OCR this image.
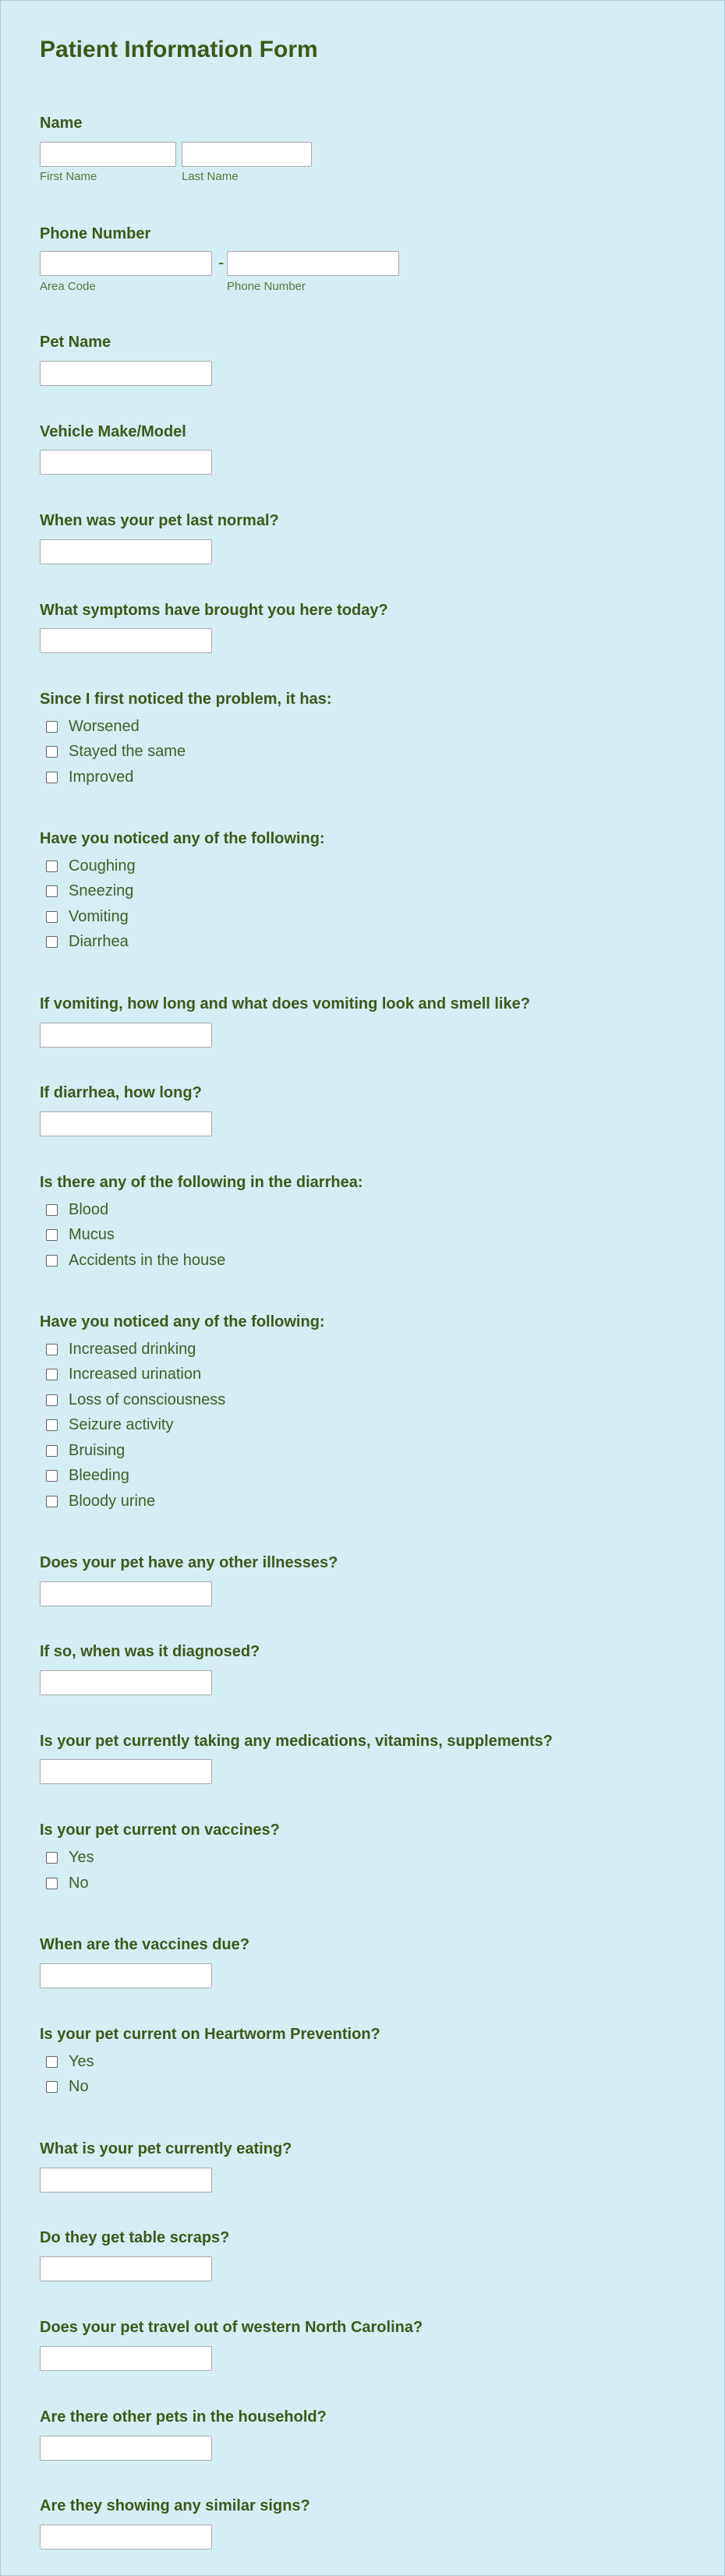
Patient Information Form
Name
First Name	Last Name
Phone Number
-
Area Code	Phone Number
Pet Name
Vehicle Make/Model
When was your pet last normal?
What symptoms have brought you here today?
Since I first noticed the problem, it has:
Worsened
Stayed the same
Improved
Have you noticed any of the following:
Coughing
Sneezing
Vomiting
Diarrhea
If vomiting, how long and what does vomiting look and smell like?
If diarrhea, how long?
Is there any of the following in the diarrhea:
Blood
Mucus
Accidents in the house
Have you noticed any of the following:
Increased drinking
Increased urination
Loss of consciousness
Seizure activity
Bruising
Bleeding
Bloody urine
Does your pet have any other illnesses?
If so, when was it diagnosed?
Is your pet currently taking any medications, vitamins, supplements?
Is your pet current on vaccines?
Yes
No
When are the vaccines due?
Is your pet current on Heartworm Prevention?
Yes
No
What is your pet currently eating?
Do they get table scraps?
Does your pet travel out of western North Carolina?
Are there other pets in the household?
Are they showing any similar signs?
